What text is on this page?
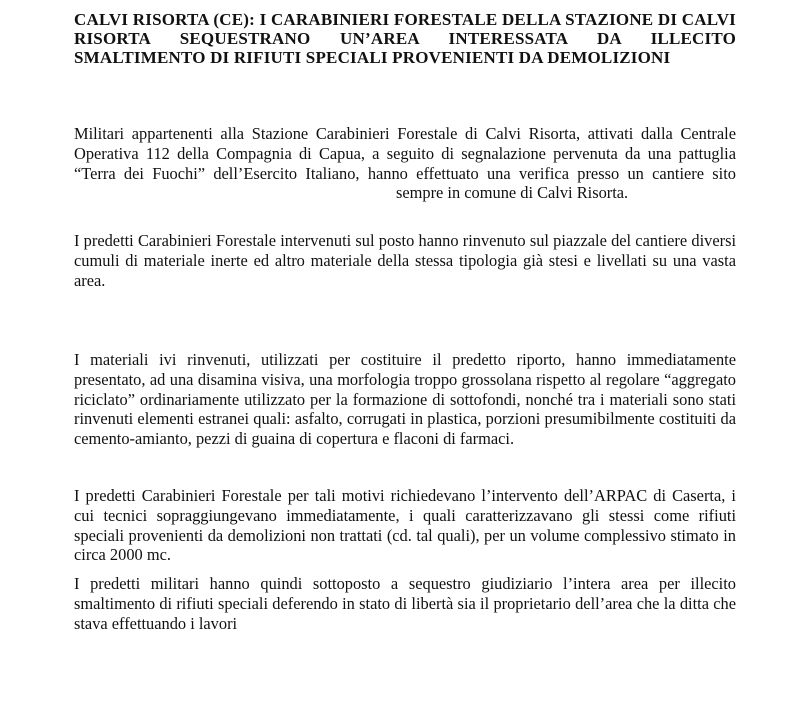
CALVI RISORTA (CE): I CARABINIERI FORESTALE DELLA STAZIONE DI CALVI RISORTA SEQUESTRANO UN’AREA INTERESSATA DA ILLECITO SMALTIMENTO DI RIFIUTI SPECIALI PROVENIENTI DA DEMOLIZIONI

Militari appartenenti alla Stazione Carabinieri Forestale di Calvi Risorta, attivati dalla Centrale Operativa 112 della Compagnia di Capua, a seguito di segnalazione pervenuta da una pattuglia “Terra dei Fuochi” dell’Esercito Italiano, hanno effettuato una verifica presso un cantiere sitosempre in comune di Calvi Risorta.

I predetti Carabinieri Forestale intervenuti sul posto hanno rinvenuto sul piazzale del cantiere diversi cumuli di materiale inerte ed altro materiale della stessa tipologia già stesi e livellati su una vasta area.

I materiali ivi rinvenuti, utilizzati per costituire il predetto riporto, hanno immediatamente presentato, ad una disamina visiva, una morfologia troppo grossolana rispetto al regolare “aggregato riciclato” ordinariamente utilizzato per la formazione di sottofondi, nonché tra i materiali sono stati rinvenuti elementi estranei quali: asfalto, corrugati in plastica, porzioni presumibilmente costituiti da cemento-amianto, pezzi di guaina di copertura e flaconi di farmaci.

I predetti Carabinieri Forestale per tali motivi richiedevano l’intervento dell’ARPAC di Caserta, i cui tecnici sopraggiungevano immediatamente, i quali caratterizzavano gli stessi come rifiuti speciali provenienti da demolizioni non trattati (cd. tal quali), per un volume complessivo stimato in circa 2000 mc.

I predetti militari hanno quindi sottoposto a sequestro giudiziario l’intera area per illecito smaltimento di rifiuti speciali deferendo in stato di libertà sia il proprietario dell’area che la ditta che stava effettuando i lavori
